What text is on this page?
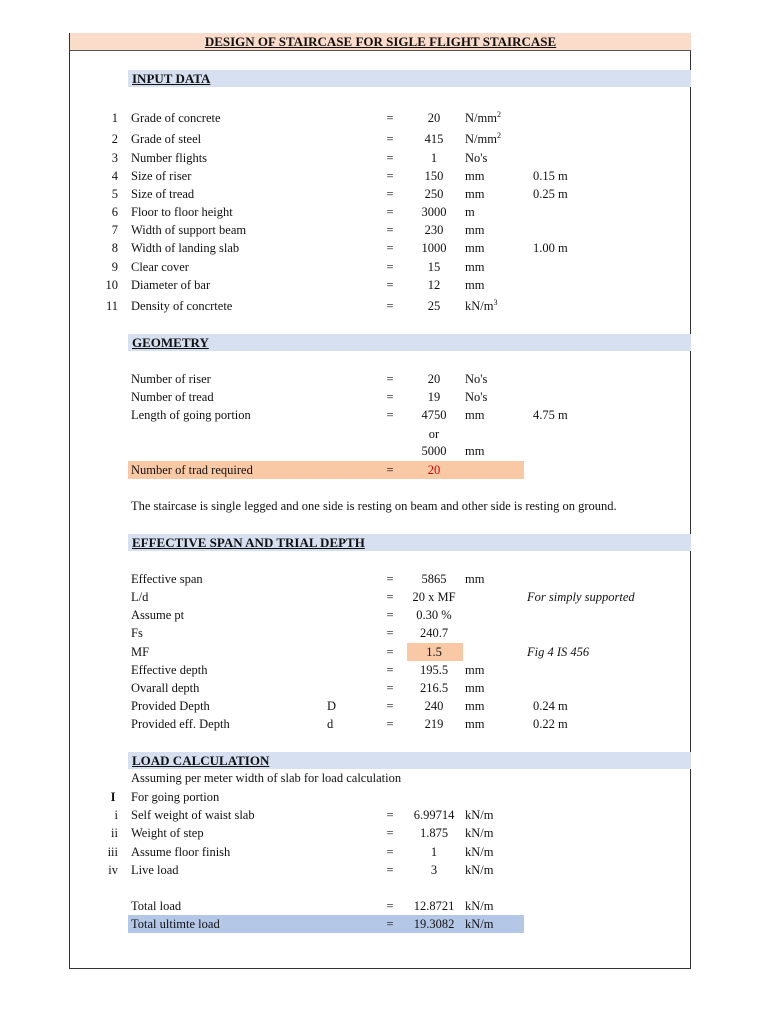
DESIGN OF STAIRCASE FOR SIGLE FLIGHT STAIRCASE
INPUT DATA
1 Grade of concrete	=	20	$N/mm^2$
2 Grade of steel	=	415	$N/mm^2$
3 Number flights	=	1	No's
4 Size of riser	=	150	mm	0.15 m
5 Size of tread	=	250	mm	0.25 m
6 Floor to floor height	=	3000	m
7 Width of support beam	=	230	mm
8 Width of landing slab	=	1000	mm	1.00 m
9 Clear cover	=	15	mm
10 Diameter of bar	=	12	mm
11 Density of concrtete	=	25	$kN/m^3$
GEOMETRY
Number of riser	=	20	No's
Number of tread	=	19	No's
Length of going portion	=	4750	mm	4.75 m
or
5000	mm
Number of trad required	=	20
The staircase is single legged and one side is resting on beam and other side is resting on ground.
EFFECTIVE SPAN AND TRIAL DEPTH
Effective span	=	5865	mm
L/d	=	20 x MF	For simply supported
Assume pt	=	0.30 %
Fs	=	240.7
MF	=	1.5	Fig 4 IS 456
Effective depth	=	195.5	mm
Ovarall depth	=	216.5	mm
Provided Depth	D	=	240	mm	0.24 m
Provided eff. Depth	d	=	219	mm	0.22 m
LOAD CALCULATION
Assuming per meter width of slab for load calculation
I	For going portion
i Self weight of waist slab	=	6.99714 kN/m
ii Weight of step	=	1.875	kN/m
iii Assume floor finish	=	1	kN/m
iv Live load	=	3	kN/m
Total load	=	12.8721 kN/m
Total ultimte load	=	19.3082 kN/m
